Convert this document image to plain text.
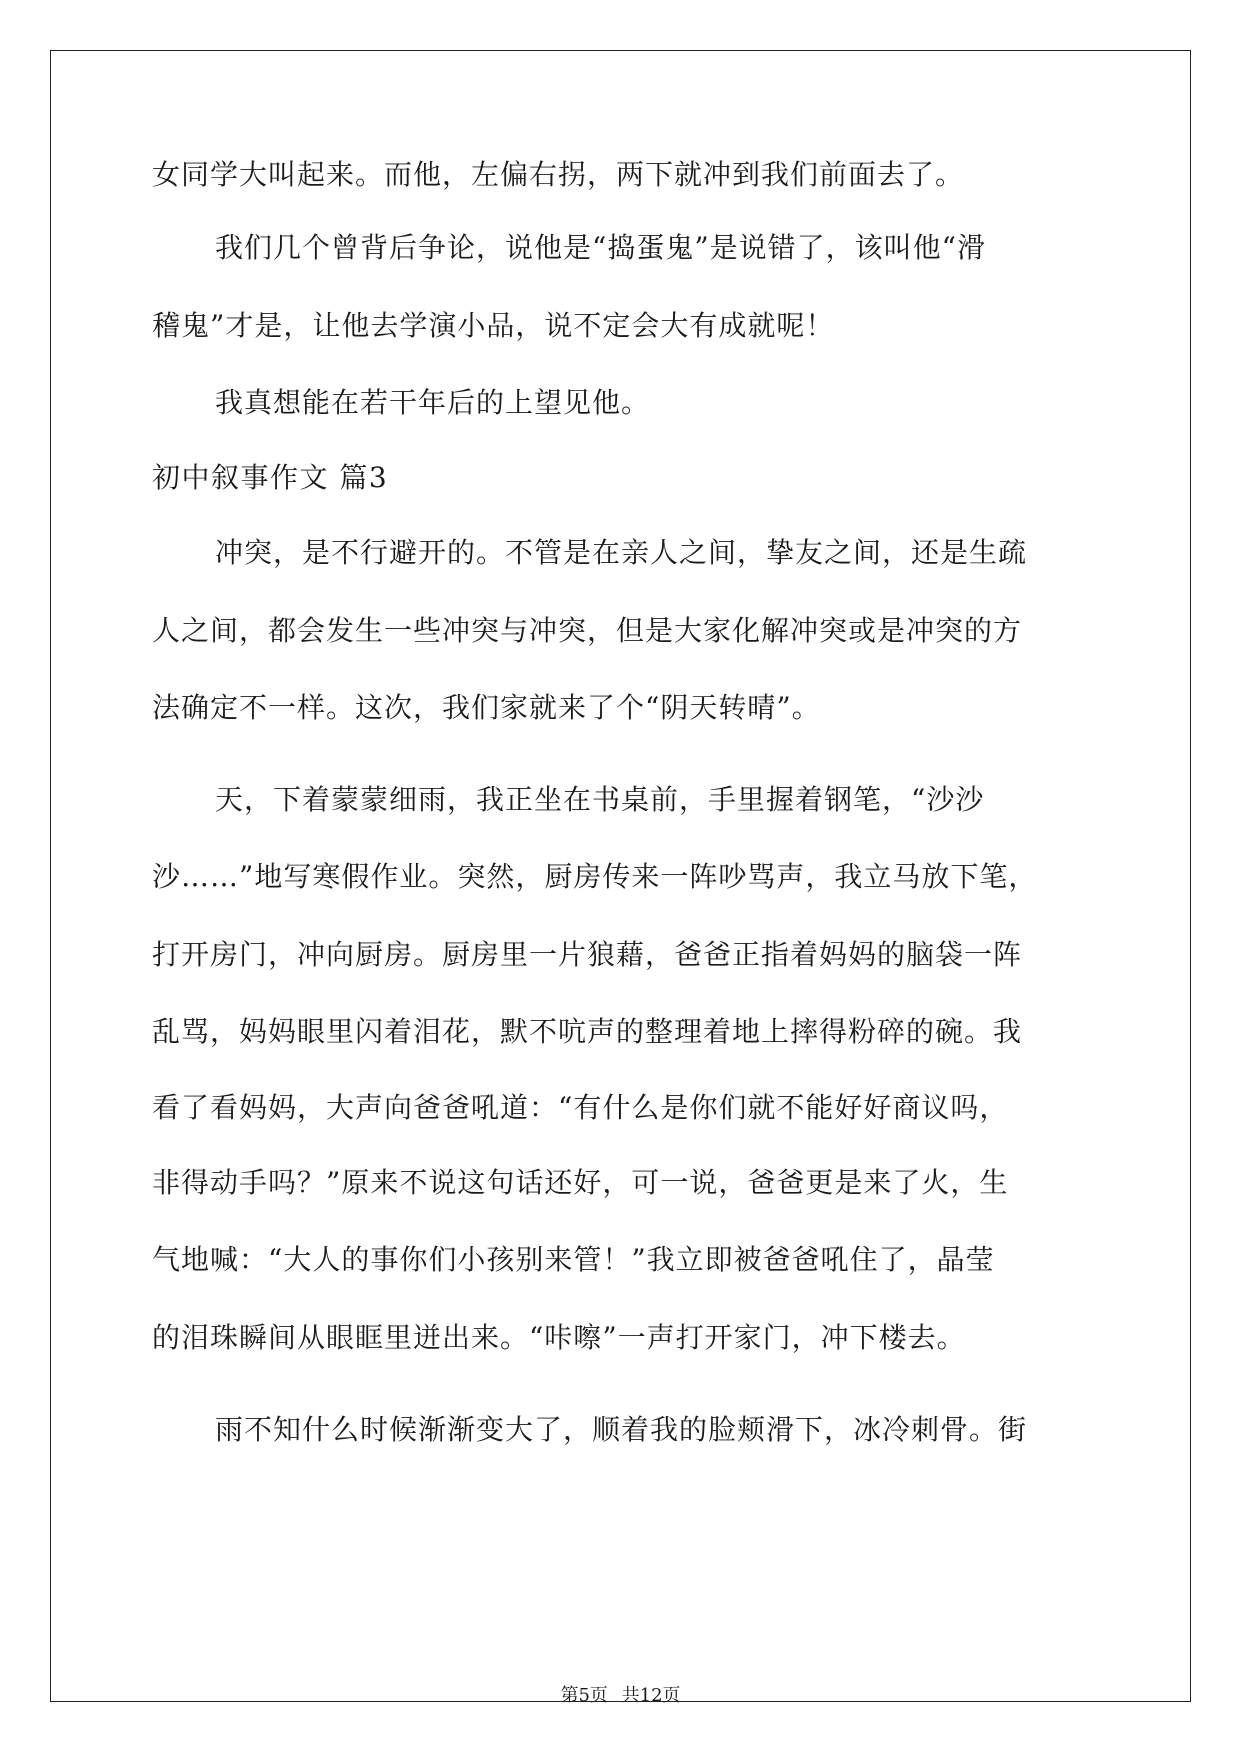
女同学大叫起来。而他，左偏右拐，两下就冲到我们前面去了。
我们几个曾背后争论，说他是“捣蛋鬼”是说错了，该叫他“滑
稽鬼”才是，让他去学演小品，说不定会大有成就呢！
我真想能在若干年后的上望见他。
初中叙事作文 篇3
冲突，是不行避开的。不管是在亲人之间，挚友之间，还是生疏
人之间，都会发生一些冲突与冲突，但是大家化解冲突或是冲突的方
法确定不一样。这次，我们家就来了个“阴天转晴”。
天，下着蒙蒙细雨，我正坐在书桌前，手里握着钢笔，“沙沙
沙……”地写寒假作业。突然，厨房传来一阵吵骂声，我立马放下笔，
打开房门，冲向厨房。厨房里一片狼藉，爸爸正指着妈妈的脑袋一阵
乱骂，妈妈眼里闪着泪花，默不吭声的整理着地上摔得粉碎的碗。我
看了看妈妈，大声向爸爸吼道：“有什么是你们就不能好好商议吗，
非得动手吗？”原来不说这句话还好，可一说，爸爸更是来了火，生
气地喊：“大人的事你们小孩别来管！”我立即被爸爸吼住了，晶莹
的泪珠瞬间从眼眶里迸出来。“咔嚓”一声打开家门，冲下楼去。
雨不知什么时候渐渐变大了，顺着我的脸颊滑下，冰冷刺骨。街
第5页 共12页
